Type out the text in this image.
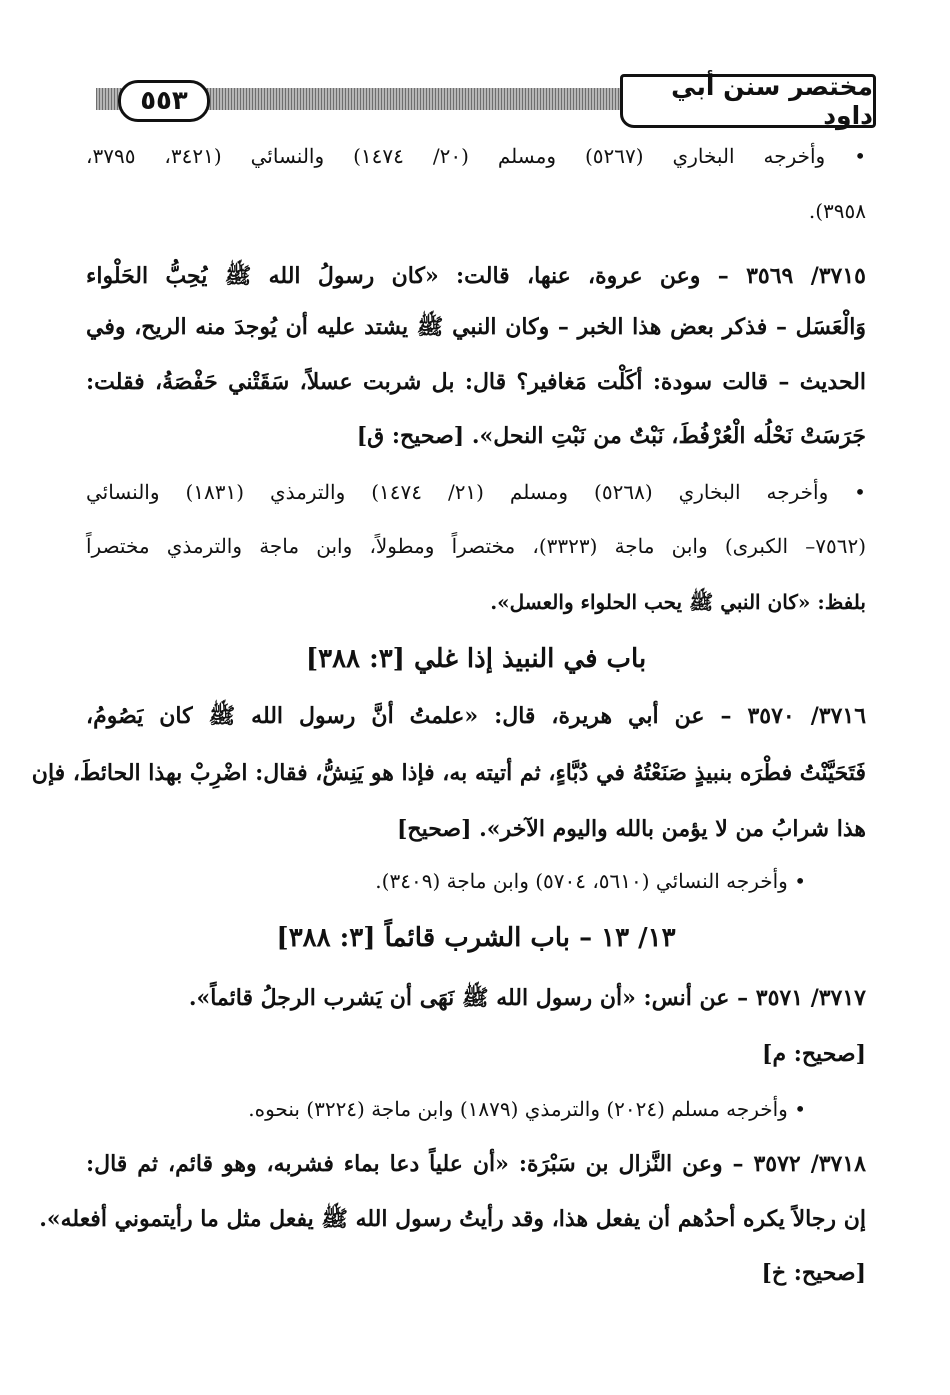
٥٥٣	مختصر سنن أبي داود
• وأخرجه البخاري (٥٢٦٧) ومسلم (٢٠/ ١٤٧٤) والنسائي (٣٤٢١، ٣٧٩٥،
٣٩٥٨).
٣٧١٥/ ٣٥٦٩ – وعن عروة، عنها، قالت: «كان رسولُ الله ﷺ يُحِبُّ الحَلْواء
وَالْعَسَل – فذكر بعض هذا الخبر – وكان النبي ﷺ يشتد عليه أن يُوجدَ منه الريح، وفي
الحديث – قالت سودة: أكَلْت مَغافير؟ قال: بل شربت عسلاً، سَقَتْني حَفْصَةُ، فقلت:
جَرَسَتْ نَحْلُه الْعُرْفُطَ، نَبْتٌ من نَبْتِ النحل». [صحيح: ق]
• وأخرجه البخاري (٥٢٦٨) ومسلم (٢١/ ١٤٧٤) والترمذي (١٨٣١) والنسائي
(٧٥٦٢– الكبرى) وابن ماجة (٣٣٢٣)، مختصراً ومطولاً، وابن ماجة والترمذي مختصراً
بلفظ: «كان النبي ﷺ يحب الحلواء والعسل».
باب في النبيذ إذا غلي [٣: ٣٨٨]
٣٧١٦/ ٣٥٧٠ – عن أبي هريرة، قال: «علمتُ أنَّ رسول الله ﷺ كان يَصُومُ،
فَتَحَيَّنْتُ فطْرَه بنبيذٍ صَنَعْتُهُ في دُبَّاءٍ، ثم أتيته به، فإذا هو يَنِشُّ، فقال: اضْرِبْ بهذا الحائطَ، فإن
هذا شرابُ من لا يؤمن بالله واليوم الآخر». [صحيح]
• وأخرجه النسائي (٥٦١٠، ٥٧٠٤) وابن ماجة (٣٤٠٩).
١٣/ ١٣ – باب الشرب قائماً [٣: ٣٨٨]
٣٧١٧/ ٣٥٧١ – عن أنس: «أن رسول الله ﷺ نَهَى أن يَشرب الرجلُ قائماً».
[صحيح: م]
• وأخرجه مسلم (٢٠٢٤) والترمذي (١٨٧٩) وابن ماجة (٣٢٢٤) بنحوه.
٣٧١٨/ ٣٥٧٢ – وعن النَّزال بن سَبْرَة: «أن علياً دعا بماء فشربه، وهو قائم، ثم قال:
إن رجالاً يكره أحدُهم أن يفعل هذا، وقد رأيتُ رسول الله ﷺ يفعل مثل ما رأيتموني أفعله».
[صحيح: خ]
